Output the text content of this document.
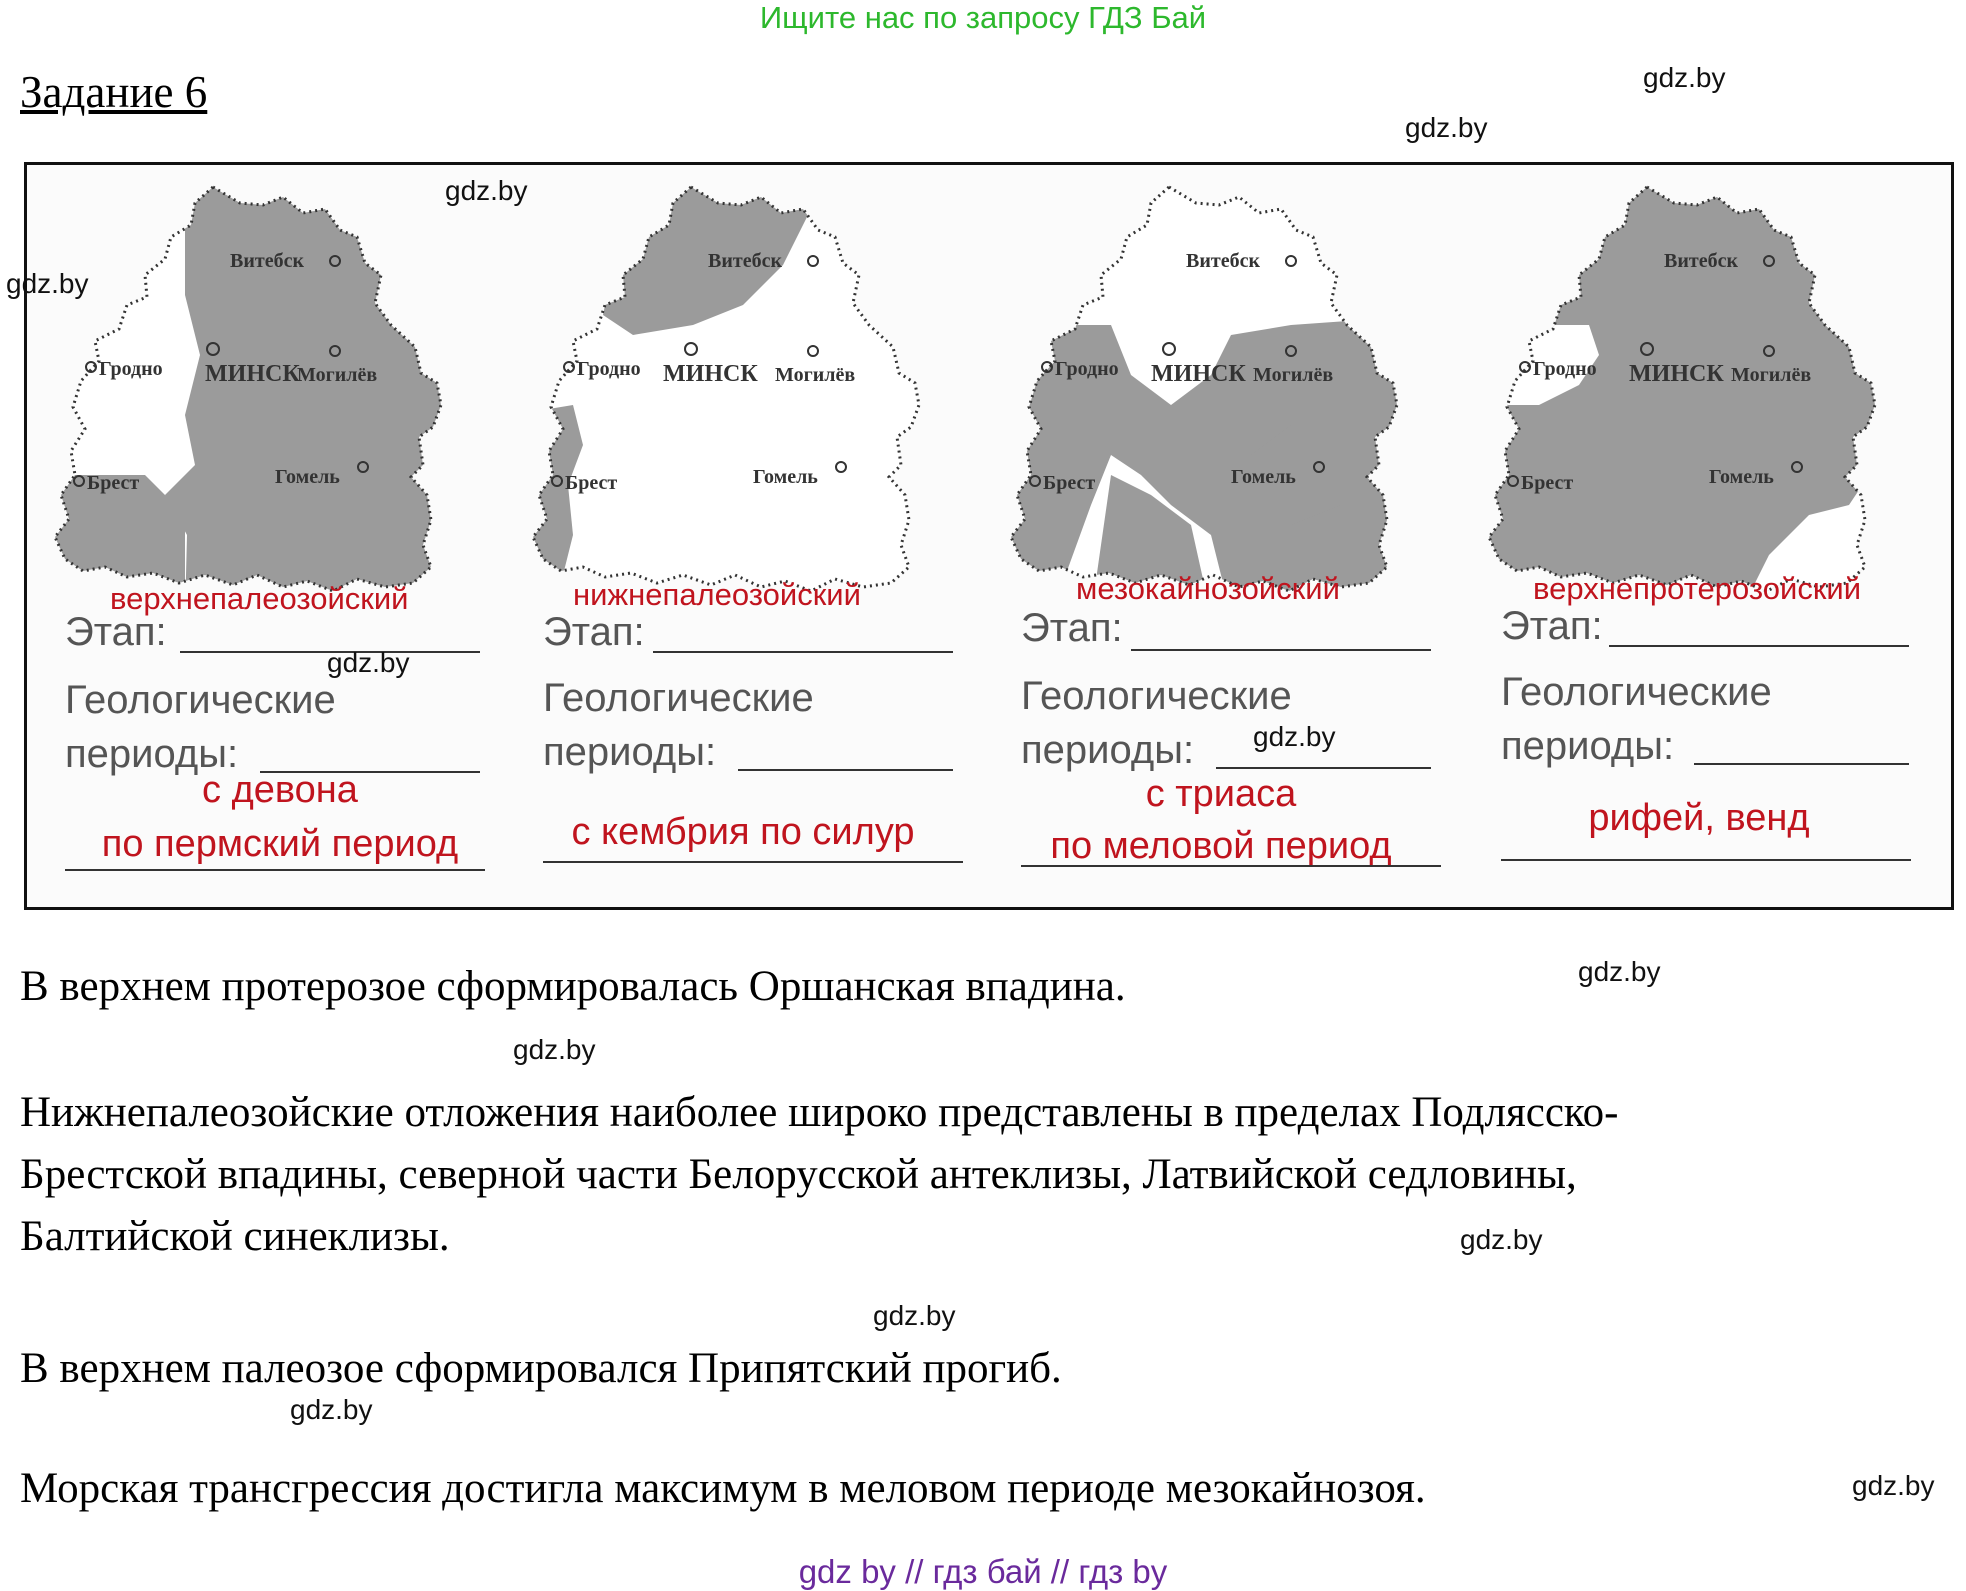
Ищите нас по запросу ГДЗ Бай
Задание 6	gdz.by
gdz.by
Витебск
Гродно МИНСК
Могилёв
Брест	Гомель
верхнепалеозойский
Этап:
Геологические
периоды:
с девона
по пермский период
Витебск
Гродно МИНСК Могилёв
Брест	Гомель
нижнепалеозойский
Этап:
Геологические
периоды:
с кембрия по силур
Витебск
Гродно МИНСК Могилёв
Брест	Гомель
мезокайнозойский
Этап:
Геологические
периоды:
с триаса
по меловой период
Витебск
Гродно МИНСК Могилёв
Брест	Гомель
верхнепротерозойский
Этап:
Геологические
периоды:
рифей, венд
gdz.by
gdz.by
gdz.by
gdz.by
В верхнем протерозое сформировалась Оршанская впадина.	gdz.by
gdz.by
Нижнепалеозойские отложения наиболее широко представлены в пределах Подлясско-
Брестской впадины, северной части Белорусской антеклизы, Латвийской седловины,
Балтийской синеклизы.	gdz.by
gdz.by
В верхнем палеозое сформировался Припятский прогиб.
gdz.by
Морская трансгрессия достигла максимум в меловом периоде мезокайнозоя.	gdz.by
gdz by // гдз бай // гдз by
